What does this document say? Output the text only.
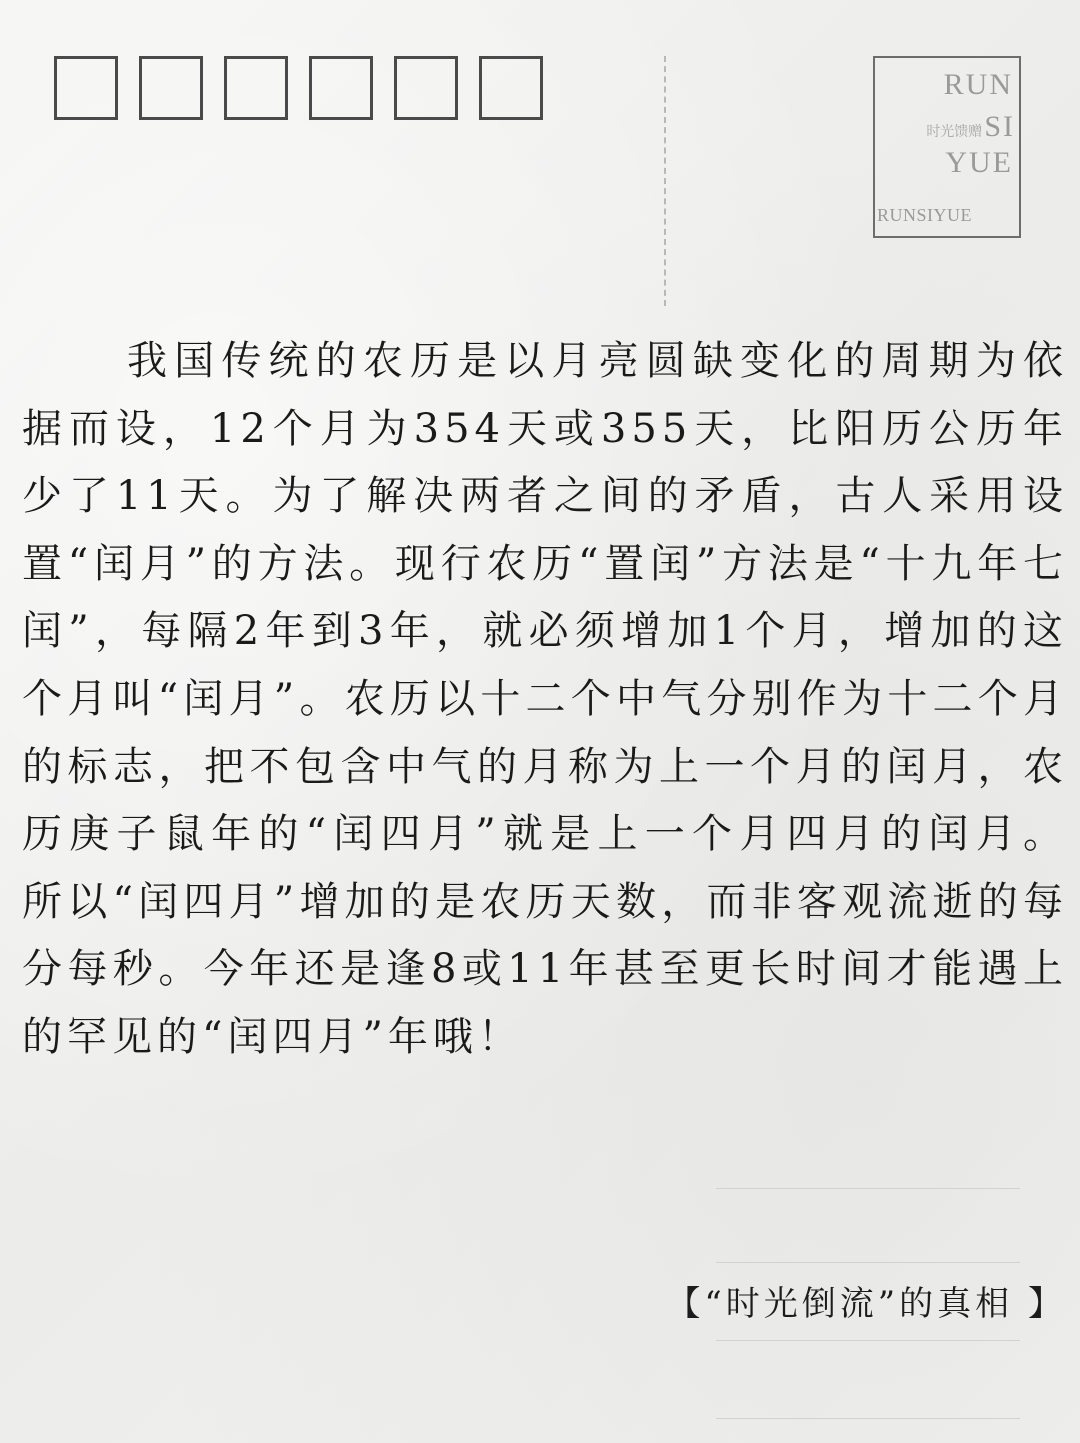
RUN
时光馈赠 SI
YUE
RUNSIYUE

我国传统的农历是以月亮圆缺变化的周期为依据而设，12个月为354天或355天，比阳历公历年少了11天。为了解决两者之间的矛盾，古人采用设置“闰月”的方法。现行农历“置闰”方法是“十九年七闰”，每隔2年到3年，就必须增加1个月，增加的这个月叫“闰月”。农历以十二个中气分别作为十二个月的标志，把不包含中气的月称为上一个月的闰月，农历庚子鼠年的“闰四月”就是上一个月四月的闰月。 所以“闰四月”增加的是农历天数，而非客观流逝的每分每秒。今年还是逢8或11年甚至更长时间才能遇上的罕见的“闰四月”年哦！

【“时光倒流”的真相 】
